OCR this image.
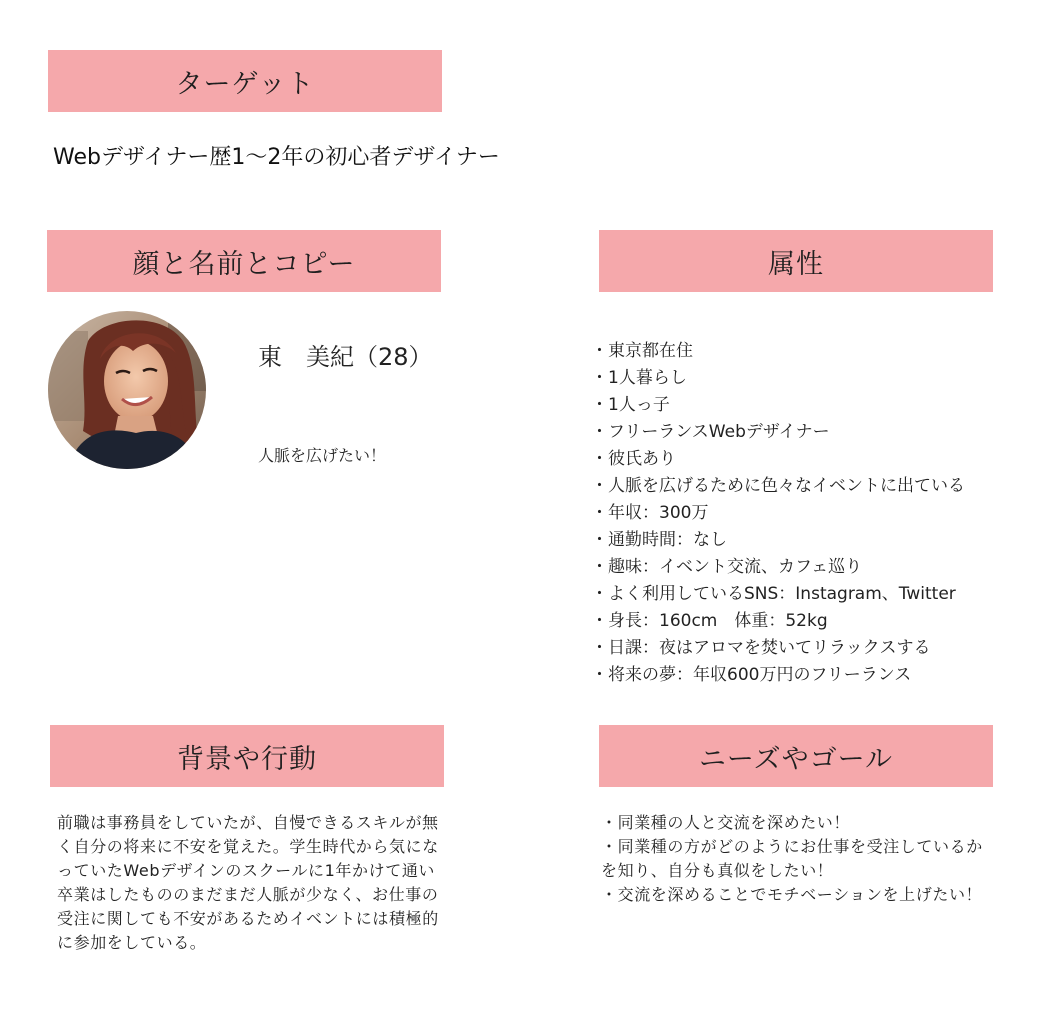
ターゲット
Webデザイナー歴1～2年の初心者デザイナー
顔と名前とコピー
東　美紀（28）
人脈を広げたい！
属性
・東京都在住
・1人暮らし
・1人っ子
・フリーランスWebデザイナー
・彼氏あり
・人脈を広げるために色々なイベントに出ている
・年収：300万
・通勤時間：なし
・趣味：イベント交流、カフェ巡り
・よく利用しているSNS：Instagram、Twitter
・身長：160cm　体重：52kg
・日課：夜はアロマを焚いてリラックスする
・将来の夢：年収600万円のフリーランス
背景や行動
前職は事務員をしていたが、自慢できるスキルが無く自分の将来に不安を覚えた。学生時代から気になっていたWebデザインのスクールに1年かけて通い卒業はしたもののまだまだ人脈が少なく、お仕事の受注に関しても不安があるためイベントには積極的に参加をしている。
ニーズやゴール
・同業種の人と交流を深めたい！
・同業種の方がどのようにお仕事を受注しているかを知り、自分も真似をしたい！
・交流を深めることでモチベーションを上げたい！
